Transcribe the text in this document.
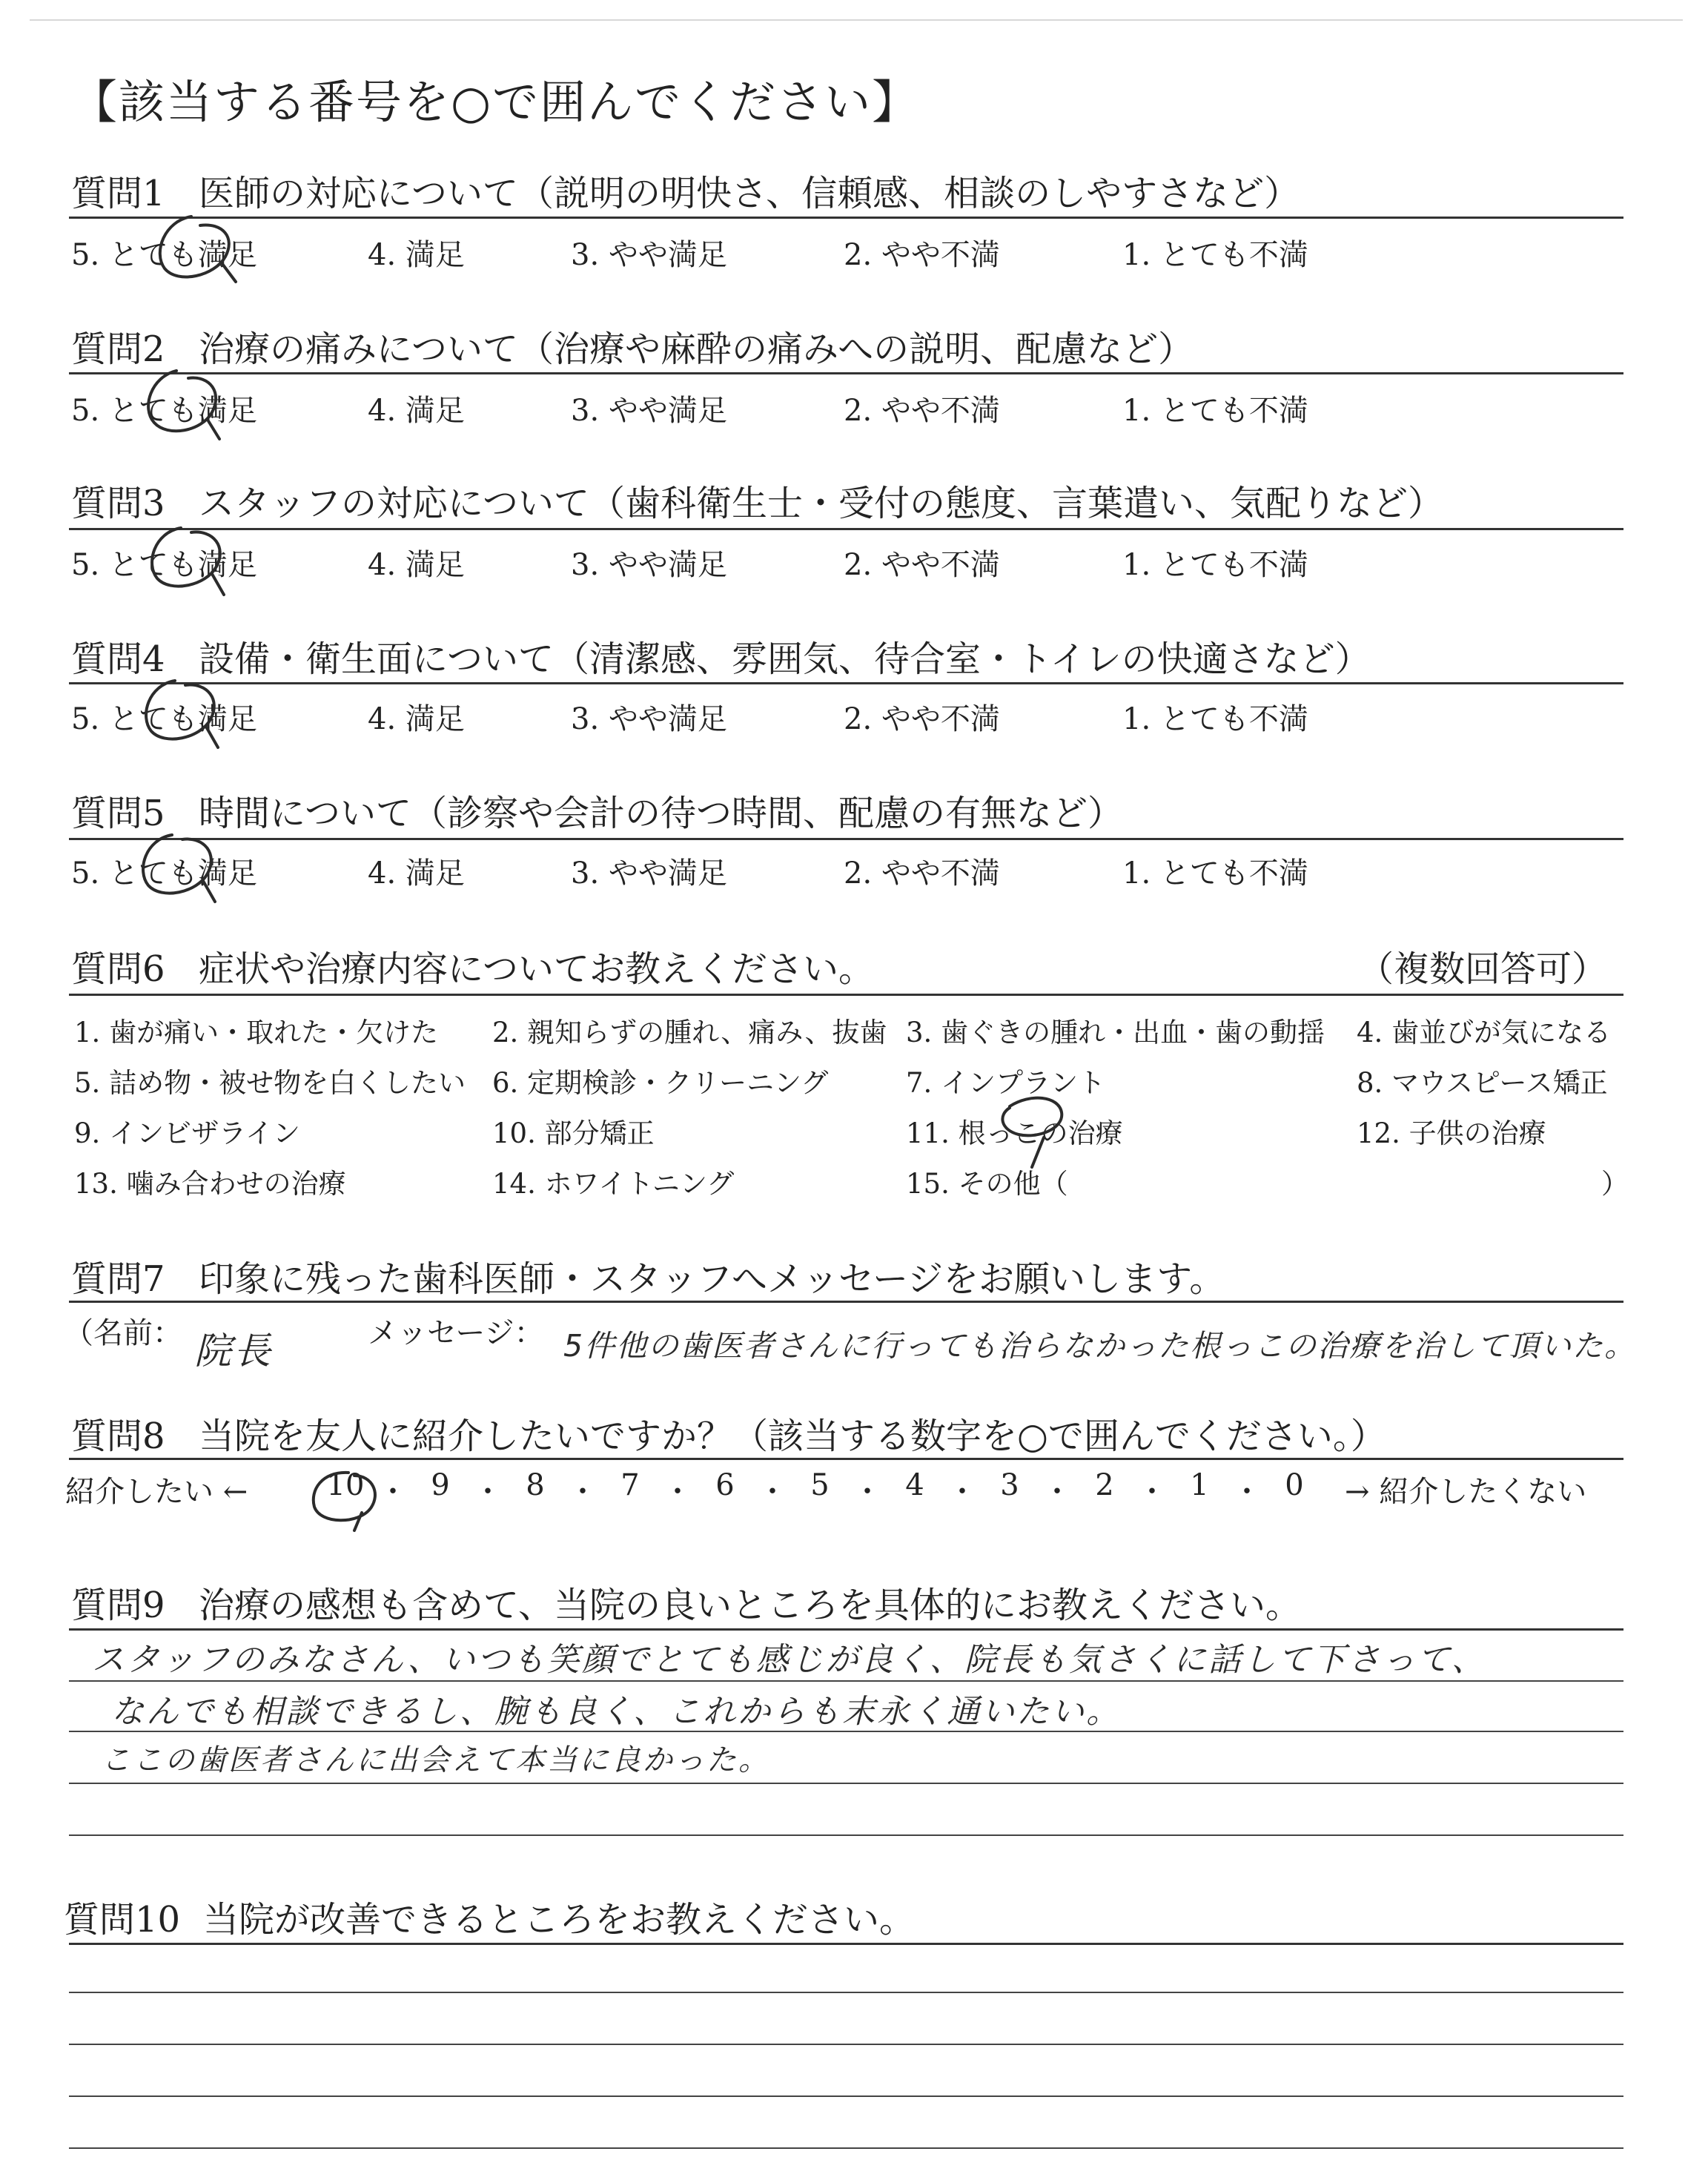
【該当する番号を○で囲んでください】
質問1 医師の対応について（説明の明快さ、信頼感、相談のしやすさなど）
5. とても満足	4. 満足	3. やや満足	2. やや不満	1. とても不満
質問2 治療の痛みについて（治療や麻酔の痛みへの説明、配慮など）
5. とても満足	4. 満足	3. やや満足	2. やや不満	1. とても不満
質問3 スタッフの対応について（歯科衛生士・受付の態度、言葉遣い、気配りなど）
5. とても満足	4. 満足	3. やや満足	2. やや不満	1. とても不満
質問4 設備・衛生面について（清潔感、雰囲気、待合室・トイレの快適さなど）
5. とても満足	4. 満足	3. やや満足	2. やや不満	1. とても不満
質問5 時間について（診察や会計の待つ時間、配慮の有無など）
5. とても満足	4. 満足	3. やや満足	2. やや不満	1. とても不満
質問6 症状や治療内容についてお教えください。	（複数回答可）
1. 歯が痛い・取れた・欠けた 2. 親知らずの腫れ、痛み、抜歯 3. 歯ぐきの腫れ・出血・歯の動揺 4. 歯並びが気になる
5. 詰め物・被せ物を白くしたい 6. 定期検診・クリーニング	7. インプラント	8. マウスピース矯正
9. インビザライン	10. 部分矯正	11. 根っこの治療	12. 子供の治療
13. 噛み合わせの治療	14. ホワイトニング	15. その他（	）
質問7 印象に残った歯科医師・スタッフへメッセージをお願いします。
（名前： 院長	メッセージ： 5件他の歯医者さんに行っても治らなかった根っこの治療を治して頂いた。
質問8 当院を友人に紹介したいですか？（該当する数字を○で囲んでください。）
紹介したい ←	→ 紹介したくない
10 ・ 9 ・ 8 ・ 7 ・ 6 ・ 5 ・ 4 ・ 3 ・ 2 ・ 1 ・ 0
質問9 治療の感想も含めて、当院の良いところを具体的にお教えください。
スタッフのみなさん、いつも笑顔でとても感じが良く、院長も気さくに話して下さって、
なんでも相談できるし、腕も良く、これからも末永く通いたい。
ここの歯医者さんに出会えて本当に良かった。
質問10 当院が改善できるところをお教えください。
